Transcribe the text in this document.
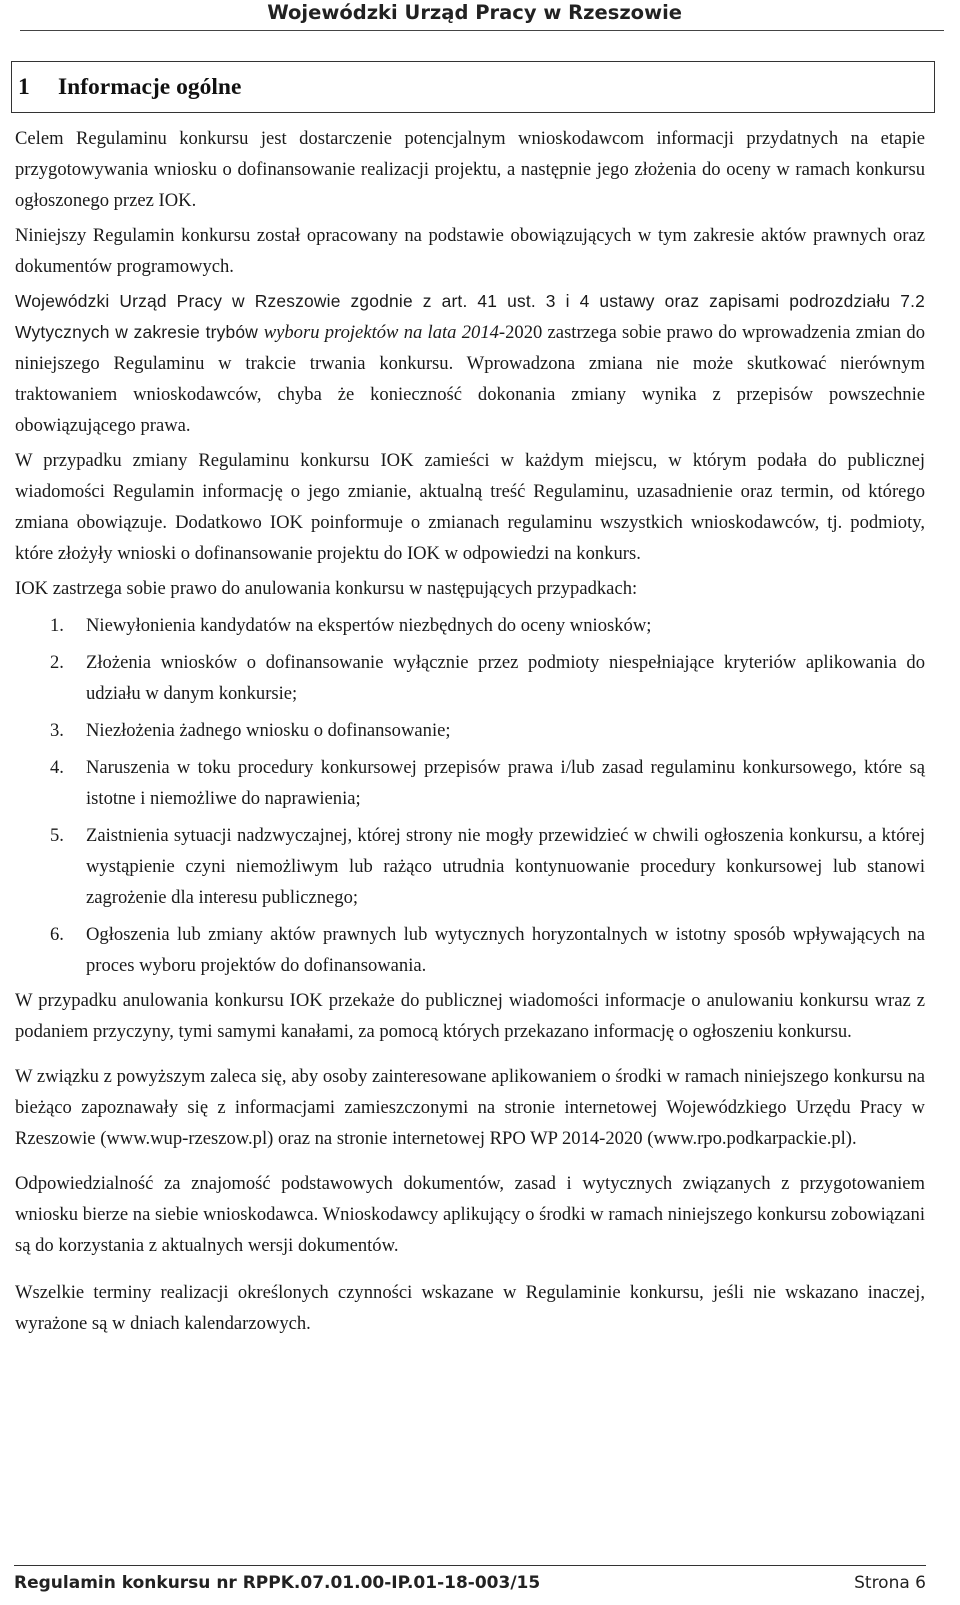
Wojewódzki Urząd Pracy w Rzeszowie
1 Informacje ogólne

Celem Regulaminu konkursu jest dostarczenie potencjalnym wnioskodawcom informacji przydatnych na etapie przygotowywania wniosku o dofinansowanie realizacji projektu, a następnie jego złożenia do oceny w ramach konkursu ogłoszonego przez IOK.

Niniejszy Regulamin konkursu został opracowany na podstawie obowiązujących w tym zakresie aktów prawnych oraz dokumentów programowych.

Wojewódzki Urząd Pracy w Rzeszowie zgodnie z art. 41 ust. 3 i 4 ustawy oraz zapisami podrozdziału 7.2 Wytycznych w zakresie trybów wyboru projektów na lata 2014-2020 zastrzega sobie prawo do wprowadzenia zmian do niniejszego Regulaminu w trakcie trwania konkursu. Wprowadzona zmiana nie może skutkować nierównym traktowaniem wnioskodawców, chyba że konieczność dokonania zmiany wynika z przepisów powszechnie obowiązującego prawa.

W przypadku zmiany Regulaminu konkursu IOK zamieści w każdym miejscu, w którym podała do publicznej wiadomości Regulamin informację o jego zmianie, aktualną treść Regulaminu, uzasadnienie oraz termin, od którego zmiana obowiązuje. Dodatkowo IOK poinformuje o zmianach regulaminu wszystkich wnioskodawców, tj. podmioty, które złożyły wnioski o dofinansowanie projektu do IOK w odpowiedzi na konkurs.

IOK zastrzega sobie prawo do anulowania konkursu w następujących przypadkach:

1. Niewyłonienia kandydatów na ekspertów niezbędnych do oceny wniosków;
2. Złożenia wniosków o dofinansowanie wyłącznie przez podmioty niespełniające kryteriów aplikowania do udziału w danym konkursie;
3. Niezłożenia żadnego wniosku o dofinansowanie;
4. Naruszenia w toku procedury konkursowej przepisów prawa i/lub zasad regulaminu konkursowego, które są istotne i niemożliwe do naprawienia;
5. Zaistnienia sytuacji nadzwyczajnej, której strony nie mogły przewidzieć w chwili ogłoszenia konkursu, a której wystąpienie czyni niemożliwym lub rażąco utrudnia kontynuowanie procedury konkursowej lub stanowi zagrożenie dla interesu publicznego;
6. Ogłoszenia lub zmiany aktów prawnych lub wytycznych horyzontalnych w istotny sposób wpływających na proces wyboru projektów do dofinansowania.

W przypadku anulowania konkursu IOK przekaże do publicznej wiadomości informacje o anulowaniu konkursu wraz z podaniem przyczyny, tymi samymi kanałami, za pomocą których przekazano informację o ogłoszeniu konkursu.

W związku z powyższym zaleca się, aby osoby zainteresowane aplikowaniem o środki w ramach niniejszego konkursu na bieżąco zapoznawały się z informacjami zamieszczonymi na stronie internetowej Wojewódzkiego Urzędu Pracy w Rzeszowie (www.wup-rzeszow.pl) oraz na stronie internetowej RPO WP 2014-2020 (www.rpo.podkarpackie.pl).

Odpowiedzialność za znajomość podstawowych dokumentów, zasad i wytycznych związanych z przygotowaniem wniosku bierze na siebie wnioskodawca. Wnioskodawcy aplikujący o środki w ramach niniejszego konkursu zobowiązani są do korzystania z aktualnych wersji dokumentów.

Wszelkie terminy realizacji określonych czynności wskazane w Regulaminie konkursu, jeśli nie wskazano inaczej, wyrażone są w dniach kalendarzowych.

Regulamin konkursu nr RPPK.07.01.00-IP.01-18-003/15	Strona 6
